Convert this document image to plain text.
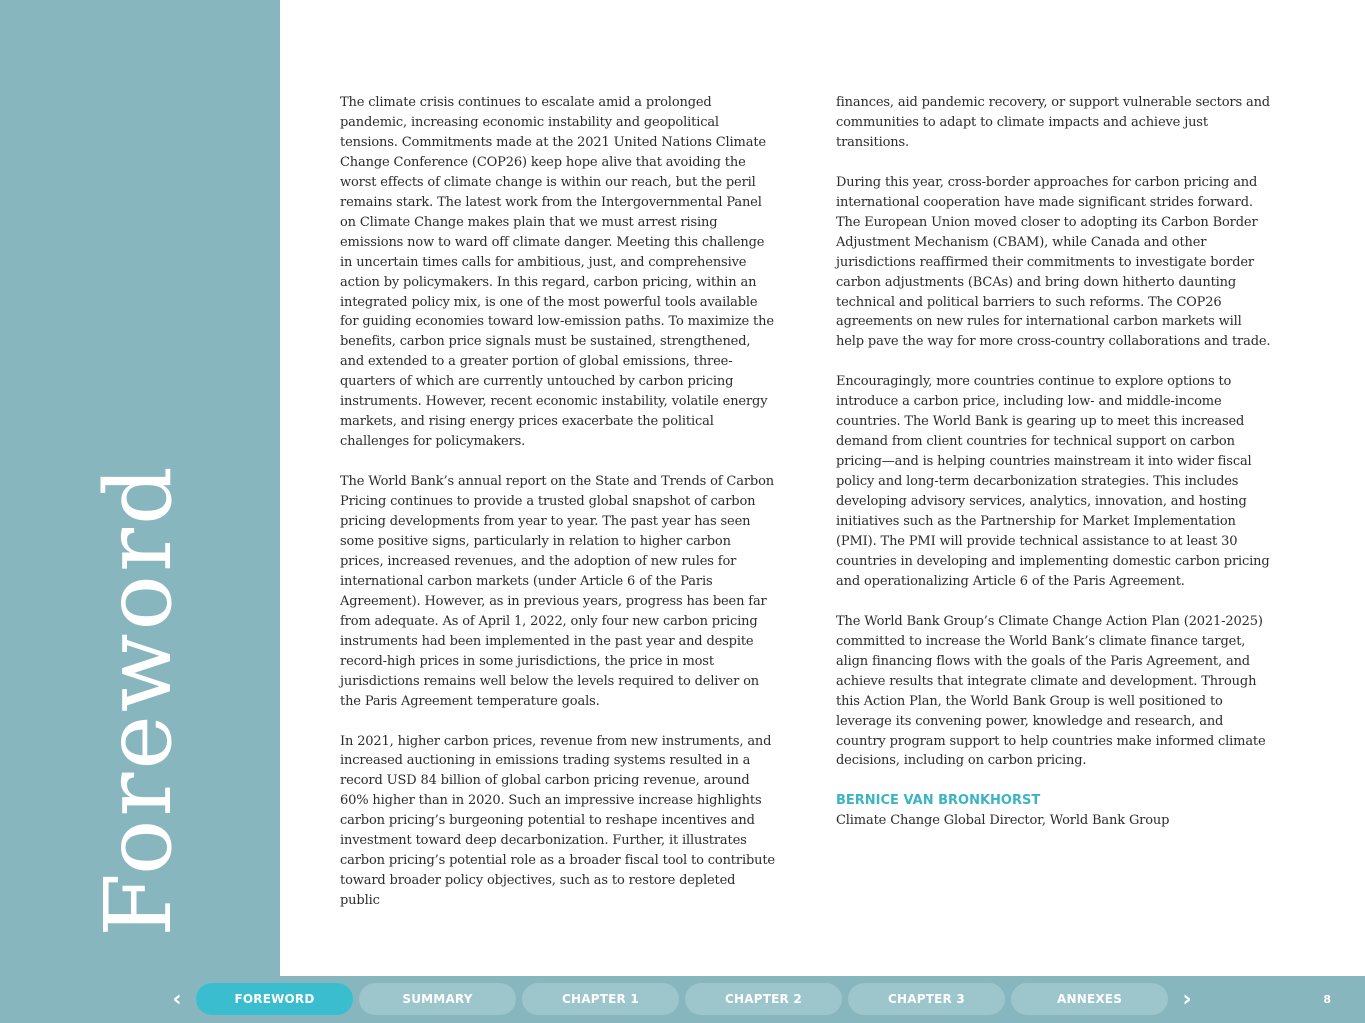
Foreword

The climate crisis continues to escalate amid a prolonged pandemic, increasing economic instability and geopolitical tensions. Commitments made at the 2021 United Nations Climate Change Conference (COP26) keep hope alive that avoiding the worst effects of climate change is within our reach, but the peril remains stark. The latest work from the Intergovernmental Panel on Climate Change makes plain that we must arrest rising emissions now to ward off climate danger. Meeting this challenge in uncertain times calls for ambitious, just, and comprehensive action by policymakers. In this regard, carbon pricing, within an integrated policy mix, is one of the most powerful tools available for guiding economies toward low-emission paths. To maximize the benefits, carbon price signals must be sustained, strengthened, and extended to a greater portion of global emissions, three-quarters of which are currently untouched by carbon pricing instruments. However, recent economic instability, volatile energy markets, and rising energy prices exacerbate the political challenges for policymakers.

The World Bank’s annual report on the State and Trends of Carbon Pricing continues to provide a trusted global snapshot of carbon pricing developments from year to year. The past year has seen some positive signs, particularly in relation to higher carbon prices, increased revenues, and the adoption of new rules for international carbon markets (under Article 6 of the Paris Agreement). However, as in previous years, progress has been far from adequate. As of April 1, 2022, only four new carbon pricing instruments had been implemented in the past year and despite record-high prices in some jurisdictions, the price in most jurisdictions remains well below the levels required to deliver on the Paris Agreement temperature goals.

In 2021, higher carbon prices, revenue from new instruments, and increased auctioning in emissions trading systems resulted in a record USD 84 billion of global carbon pricing revenue, around 60% higher than in 2020. Such an impressive increase highlights carbon pricing’s burgeoning potential to reshape incentives and investment toward deep decarbonization. Further, it illustrates carbon pricing’s potential role as a broader fiscal tool to contribute toward broader policy objectives, such as to restore depleted public

finances, aid pandemic recovery, or support vulnerable sectors and communities to adapt to climate impacts and achieve just transitions.

During this year, cross-border approaches for carbon pricing and international cooperation have made significant strides forward. The European Union moved closer to adopting its Carbon Border Adjustment Mechanism (CBAM), while Canada and other jurisdictions reaffirmed their commitments to investigate border carbon adjustments (BCAs) and bring down hitherto daunting technical and political barriers to such reforms. The COP26 agreements on new rules for international carbon markets will help pave the way for more cross-country collaborations and trade.

Encouragingly, more countries continue to explore options to introduce a carbon price, including low- and middle-income countries. The World Bank is gearing up to meet this increased demand from client countries for technical support on carbon pricing—and is helping countries mainstream it into wider fiscal policy and long-term decarbonization strategies. This includes developing advisory services, analytics, innovation, and hosting initiatives such as the Partnership for Market Implementation (PMI). The PMI will provide technical assistance to at least 30 countries in developing and implementing domestic carbon pricing and operationalizing Article 6 of the Paris Agreement.

The World Bank Group’s Climate Change Action Plan (2021-2025) committed to increase the World Bank’s climate finance target, align financing flows with the goals of the Paris Agreement, and achieve results that integrate climate and development. Through this Action Plan, the World Bank Group is well positioned to leverage its convening power, knowledge and research, and country program support to help countries make informed climate decisions, including on carbon pricing.

BERNICE VAN BRONKHORST
Climate Change Global Director, World Bank Group

‹	FOREWORD	SUMMARY	CHAPTER 1	CHAPTER 2	CHAPTER 3	ANNEXES	›	8
